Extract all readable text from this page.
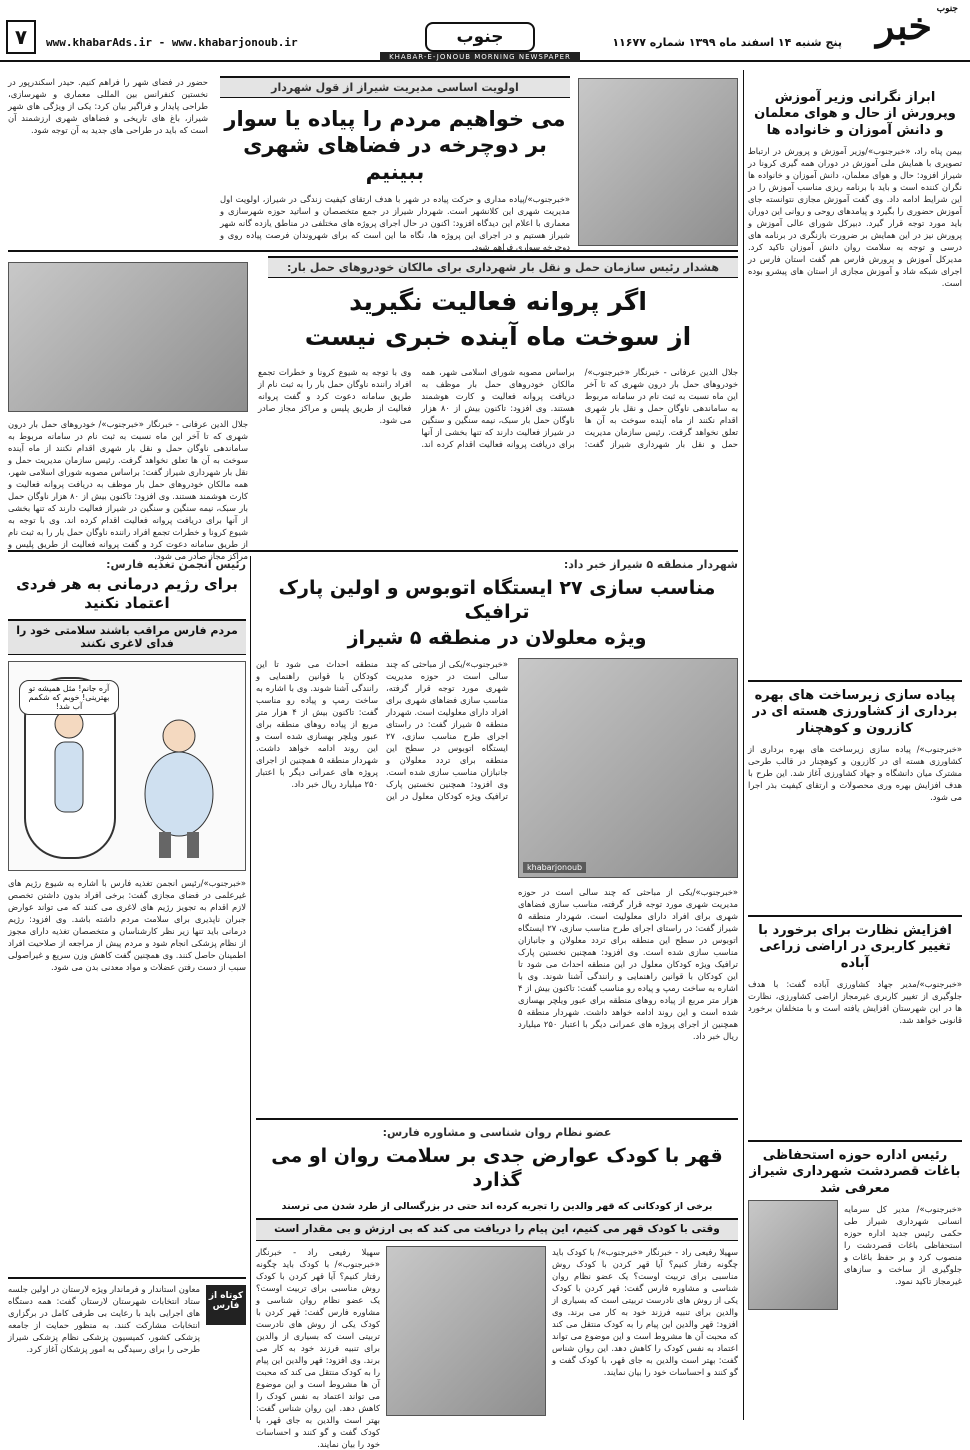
خبر جنوب
پنج شنبه ۱۴ اسفند ماه ۱۳۹۹ شماره ۱۱۶۷۷
جنوب
www.khabarAds.ir - www.khabarjonoub.ir
۷
KHABAR-E-JONOUB MORNING NEWSPAPER
ابراز نگرانی وزیر آموزش وپرورش از حال و هوای معلمان و دانش آموزان و خانواده ها
بیمن پناه راد، «خبرجنوب»/وزیر آموزش و پرورش در ارتباط تصویری با همایش ملی آموزش در دوران همه گیری کرونا در شیراز افزود: حال و هوای معلمان، دانش آموزان و خانواده ها نگران کننده است و باید با برنامه ریزی مناسب آموزش را در این شرایط ادامه داد. وی گفت آموزش مجازی نتوانسته جای آموزش حضوری را بگیرد و پیامدهای روحی و روانی این دوران باید مورد توجه قرار گیرد. دبیرکل شورای عالی آموزش و پرورش نیز در این همایش بر ضرورت بازنگری در برنامه های درسی و توجه به سلامت روان دانش آموزان تاکید کرد. مدیرکل آموزش و پرورش فارس هم گفت استان فارس در اجرای شبکه شاد و آموزش مجازی از استان های پیشرو بوده است.
پیاده سازی زیرساخت های بهره برداری از کشاورزی هسته ای در کازرون و کوهچنار
«خبرجنوب»/ پیاده سازی زیرساخت های بهره برداری از کشاورزی هسته ای در کازرون و کوهچنار در قالب طرحی مشترک میان دانشگاه و جهاد کشاورزی آغاز شد. این طرح با هدف افزایش بهره وری محصولات و ارتقای کیفیت بذر اجرا می شود.
افزایش نظارت برای برخورد با تغییر کاربری در اراضی زراعی آباده
«خبرجنوب»/مدیر جهاد کشاورزی آباده گفت: با هدف جلوگیری از تغییر کاربری غیرمجاز اراضی کشاورزی، نظارت ها در این شهرستان افزایش یافته است و با متخلفان برخورد قانونی خواهد شد.
رئیس اداره حوزه استحفاظی باغات قصردشت شهرداری شیراز معرفی شد
«خبرجنوب»/ مدیر کل سرمایه انسانی شهرداری شیراز طی حکمی رئیس جدید اداره حوزه استحفاظی باغات قصردشت را منصوب کرد و بر حفظ باغات و جلوگیری از ساخت و سازهای غیرمجاز تاکید نمود.
اولویت اساسی مدیریت شیراز از قول شهردار
می خواهیم مردم را پیاده یا سوار بر دوچرخه در فضاهای شهری ببینیم
«خبرجنوب»/پیاده مداری و حرکت پیاده در شهر با هدف ارتقای کیفیت زندگی در شیراز، اولویت اول مدیریت شهری این کلانشهر است. شهردار شیراز در جمع متخصصان و اساتید حوزه شهرسازی و معماری با اعلام این دیدگاه افزود: اکنون در حال اجرای پروژه های مختلفی در مناطق یازده گانه شهر شیراز هستیم و در اجرای این پروژه ها، نگاه ما این است که برای شهروندان فرصت پیاده روی و دوچرخه سواری فراهم شود.
حضور در فضای شهر را فراهم کنیم. حیدر اسکندرپور در نخستین کنفرانس بین المللی معماری و شهرسازی، طراحی پایدار و فراگیر بیان کرد: یکی از ویژگی های شهر شیراز، باغ های تاریخی و فضاهای شهری ارزشمند آن است که باید در طراحی های جدید به آن توجه شود.
هشدار رئیس سازمان حمل و نقل بار شهرداری برای مالکان خودروهای حمل بار:
اگر پروانه فعالیت نگیرید
از سوخت ماه آینده خبری نیست
جلال الدین عرفانی - خبرنگار «خبرجنوب»/ خودروهای حمل بار درون شهری که تا آخر این ماه نسبت به ثبت نام در سامانه مربوط به ساماندهی ناوگان حمل و نقل بار شهری اقدام نکنند از ماه آینده سوخت به آن ها تعلق نخواهد گرفت. رئیس سازمان مدیریت حمل و نقل بار شهرداری شیراز گفت: براساس مصوبه شورای اسلامی شهر، همه مالکان خودروهای حمل بار موظف به دریافت پروانه فعالیت و کارت هوشمند هستند. وی افزود: تاکنون بیش از ۸۰ هزار ناوگان حمل بار سبک، نیمه سنگین و سنگین در شیراز فعالیت دارند که تنها بخشی از آنها برای دریافت پروانه فعالیت اقدام کرده اند. وی با توجه به شیوع کرونا و خطرات تجمع افراد راننده ناوگان حمل بار را به ثبت نام از طریق سامانه دعوت کرد و گفت پروانه فعالیت از طریق پلیس و مراکز مجاز صادر می شود.
جلال الدین عرفانی - خبرنگار «خبرجنوب»/ خودروهای حمل بار درون شهری که تا آخر این ماه نسبت به ثبت نام در سامانه مربوط به ساماندهی ناوگان حمل و نقل بار شهری اقدام نکنند از ماه آینده سوخت به آن ها تعلق نخواهد گرفت. رئیس سازمان مدیریت حمل و نقل بار شهرداری شیراز گفت: براساس مصوبه شورای اسلامی شهر، همه مالکان خودروهای حمل بار موظف به دریافت پروانه فعالیت و کارت هوشمند هستند. وی افزود: تاکنون بیش از ۸۰ هزار ناوگان حمل بار سبک، نیمه سنگین و سنگین در شیراز فعالیت دارند که تنها بخشی از آنها برای دریافت پروانه فعالیت اقدام کرده اند. وی با توجه به شیوع کرونا و خطرات تجمع افراد راننده ناوگان حمل بار را به ثبت نام از طریق سامانه دعوت کرد و گفت پروانه فعالیت از طریق پلیس و مراکز مجاز صادر می شود.
رئیس انجمن تغذیه فارس:
برای رژیم درمانی به هر فردی اعتماد نکنید
مردم فارس مراقب باشند سلامتی خود را فدای لاغری نکنند
آره جانم! مثل همیشه تو بهترینی! خوبم که شکمم آب شد!
«خبرجنوب»/رئیس انجمن تغذیه فارس با اشاره به شیوع رژیم های غیرعلمی در فضای مجازی گفت: برخی افراد بدون داشتن تخصص لازم اقدام به تجویز رژیم های لاغری می کنند که می تواند عوارض جبران ناپذیری برای سلامت مردم داشته باشد. وی افزود: رژیم درمانی باید تنها زیر نظر کارشناسان و متخصصان تغذیه دارای مجوز از نظام پزشکی انجام شود و مردم پیش از مراجعه از صلاحیت افراد اطمینان حاصل کنند. وی همچنین گفت کاهش وزن سریع و غیراصولی سبب از دست رفتن عضلات و مواد معدنی بدن می شود.
کوتاه از فارس
معاون استاندار و فرماندار ویژه لارستان در اولین جلسه ستاد انتخابات شهرستان لارستان گفت: همه دستگاه های اجرایی باید با رعایت بی طرفی کامل در برگزاری انتخابات مشارکت کنند. به منظور حمایت از جامعه پزشکی کشور، کمیسیون پزشکی نظام پزشکی شیراز طرحی را برای رسیدگی به امور پزشکان آغاز کرد.
شهردار منطقه ۵ شیراز خبر داد:
مناسب سازی ۲۷ ایستگاه اتوبوس و اولین پارک ترافیک
ویژه معلولان در منطقه ۵ شیراز
khabarjonoub
«خبرجنوب»/یکی از مباحثی که چند سالی است در حوزه مدیریت شهری مورد توجه قرار گرفته، مناسب سازی فضاهای شهری برای افراد دارای معلولیت است. شهردار منطقه ۵ شیراز گفت: در راستای اجرای طرح مناسب سازی، ۲۷ ایستگاه اتوبوس در سطح این منطقه برای تردد معلولان و جانبازان مناسب سازی شده است. وی افزود: همچنین نخستین پارک ترافیک ویژه کودکان معلول در این منطقه احداث می شود تا این کودکان با قوانین راهنمایی و رانندگی آشنا شوند. وی با اشاره به ساخت رمپ و پیاده رو مناسب گفت: تاکنون بیش از ۴ هزار متر مربع از پیاده روهای منطقه برای عبور ویلچر بهسازی شده است و این روند ادامه خواهد داشت. شهردار منطقه ۵ همچنین از اجرای پروژه های عمرانی دیگر با اعتبار ۲۵۰ میلیارد ریال خبر داد.
«خبرجنوب»/یکی از مباحثی که چند سالی است در حوزه مدیریت شهری مورد توجه قرار گرفته، مناسب سازی فضاهای شهری برای افراد دارای معلولیت است. شهردار منطقه ۵ شیراز گفت: در راستای اجرای طرح مناسب سازی، ۲۷ ایستگاه اتوبوس در سطح این منطقه برای تردد معلولان و جانبازان مناسب سازی شده است. وی افزود: همچنین نخستین پارک ترافیک ویژه کودکان معلول در این منطقه احداث می شود تا این کودکان با قوانین راهنمایی و رانندگی آشنا شوند. وی با اشاره به ساخت رمپ و پیاده رو مناسب گفت: تاکنون بیش از ۴ هزار متر مربع از پیاده روهای منطقه برای عبور ویلچر بهسازی شده است و این روند ادامه خواهد داشت. شهردار منطقه ۵ همچنین از اجرای پروژه های عمرانی دیگر با اعتبار ۲۵۰ میلیارد ریال خبر داد.
عضو نظام روان شناسی و مشاوره فارس:
قهر با کودک عوارض جدی بر سلامت روان او می گذارد
برخی از کودکانی که قهر والدین را تجربه کرده اند حتی در بزرگسالی از طرد شدن می ترسند
وقتی با کودک قهر می کنیم، این پیام را دریافت می کند که بی ارزش و بی مقدار است
سهیلا رفیعی راد - خبرنگار «خبرجنوب»/ با کودک باید چگونه رفتار کنیم؟ آیا قهر کردن با کودک روش مناسبی برای تربیت اوست؟ یک عضو نظام روان شناسی و مشاوره فارس گفت: قهر کردن با کودک یکی از روش های نادرست تربیتی است که بسیاری از والدین برای تنبیه فرزند خود به کار می برند. وی افزود: قهر والدین این پیام را به کودک منتقل می کند که محبت آن ها مشروط است و این موضوع می تواند اعتماد به نفس کودک را کاهش دهد. این روان شناس گفت: بهتر است والدین به جای قهر، با کودک گفت و گو کنند و احساسات خود را بیان نمایند.
سهیلا رفیعی راد - خبرنگار «خبرجنوب»/ با کودک باید چگونه رفتار کنیم؟ آیا قهر کردن با کودک روش مناسبی برای تربیت اوست؟ یک عضو نظام روان شناسی و مشاوره فارس گفت: قهر کردن با کودک یکی از روش های نادرست تربیتی است که بسیاری از والدین برای تنبیه فرزند خود به کار می برند. وی افزود: قهر والدین این پیام را به کودک منتقل می کند که محبت آن ها مشروط است و این موضوع می تواند اعتماد به نفس کودک را کاهش دهد. این روان شناس گفت: بهتر است والدین به جای قهر، با کودک گفت و گو کنند و احساسات خود را بیان نمایند.
